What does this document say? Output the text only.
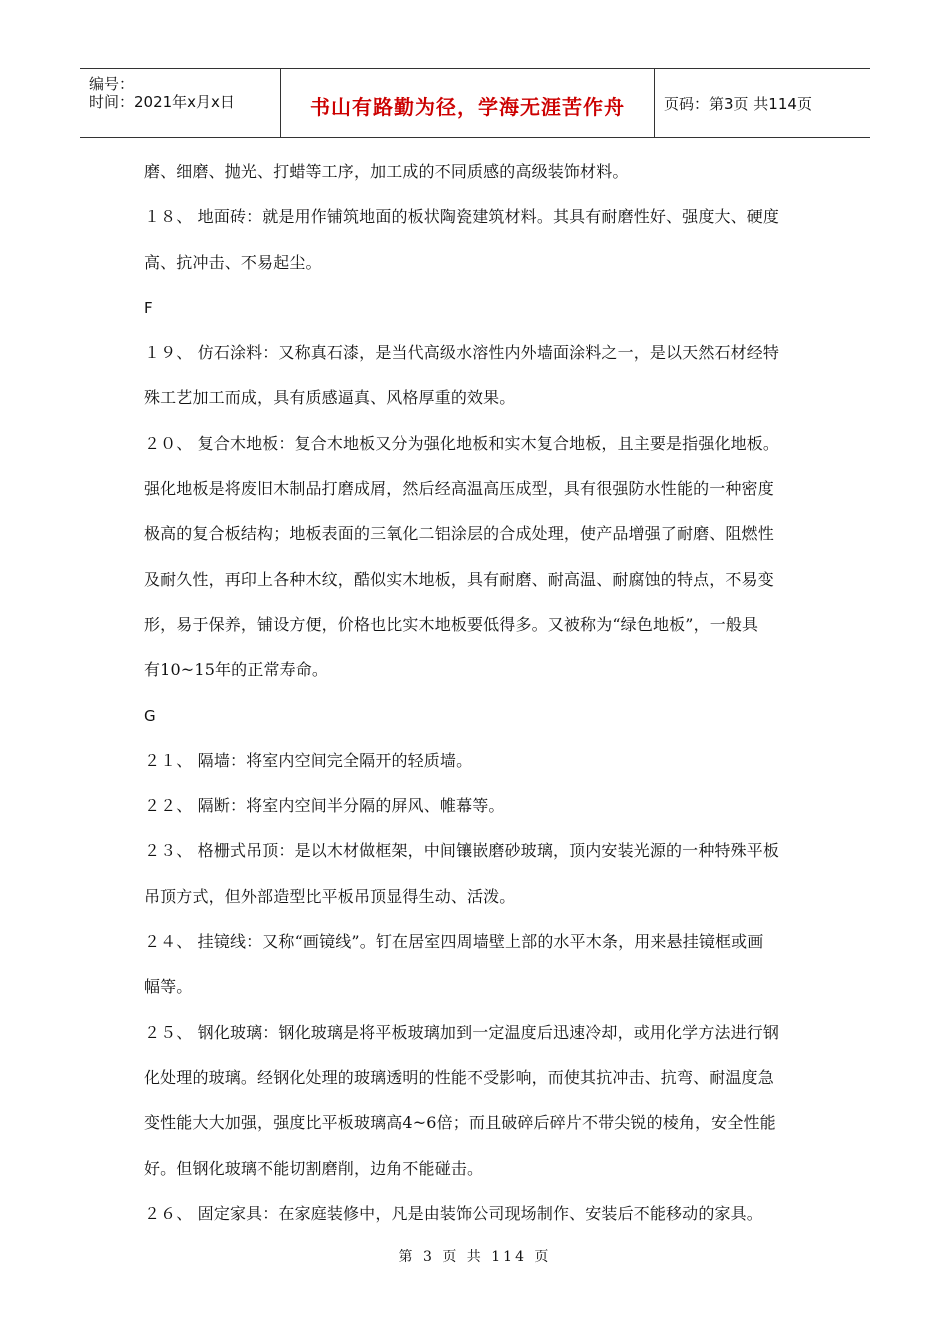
编号：
时间：2021年x月x日	书山有路勤为径，学海无涯苦作舟	页码：第3页 共114页
磨、细磨、抛光、打蜡等工序，加工成的不同质感的高级装饰材料。
１８、 地面砖：就是用作铺筑地面的板状陶瓷建筑材料。其具有耐磨性好、强度大、硬度
高、抗冲击、不易起尘。
F
１９、 仿石涂料：又称真石漆，是当代高级水溶性内外墙面涂料之一，是以天然石材经特
殊工艺加工而成，具有质感逼真、风格厚重的效果。
２０、 复合木地板：复合木地板又分为强化地板和实木复合地板，且主要是指强化地板。
强化地板是将废旧木制品打磨成屑，然后经高温高压成型，具有很强防水性能的一种密度
极高的复合板结构；地板表面的三氧化二铝涂层的合成处理，使产品增强了耐磨、阻燃性
及耐久性，再印上各种木纹，酷似实木地板，具有耐磨、耐高温、耐腐蚀的特点，不易变
形，易于保养，铺设方便，价格也比实木地板要低得多。又被称为“绿色地板”，一般具
有10~15年的正常寿命。
G
２１、 隔墙：将室内空间完全隔开的轻质墙。
２２、 隔断：将室内空间半分隔的屏风、帷幕等。
２３、 格栅式吊顶：是以木材做框架，中间镶嵌磨砂玻璃，顶内安装光源的一种特殊平板
吊顶方式，但外部造型比平板吊顶显得生动、活泼。
２４、 挂镜线：又称“画镜线”。钉在居室四周墙壁上部的水平木条，用来悬挂镜框或画
幅等。
２５、 钢化玻璃：钢化玻璃是将平板玻璃加到一定温度后迅速冷却，或用化学方法进行钢
化处理的玻璃。经钢化处理的玻璃透明的性能不受影响，而使其抗冲击、抗弯、耐温度急
变性能大大加强，强度比平板玻璃高4~6倍；而且破碎后碎片不带尖锐的棱角，安全性能
好。但钢化玻璃不能切割磨削，边角不能碰击。
２６、 固定家具：在家庭装修中，凡是由装饰公司现场制作、安装后不能移动的家具。
第 3 页 共 114 页
